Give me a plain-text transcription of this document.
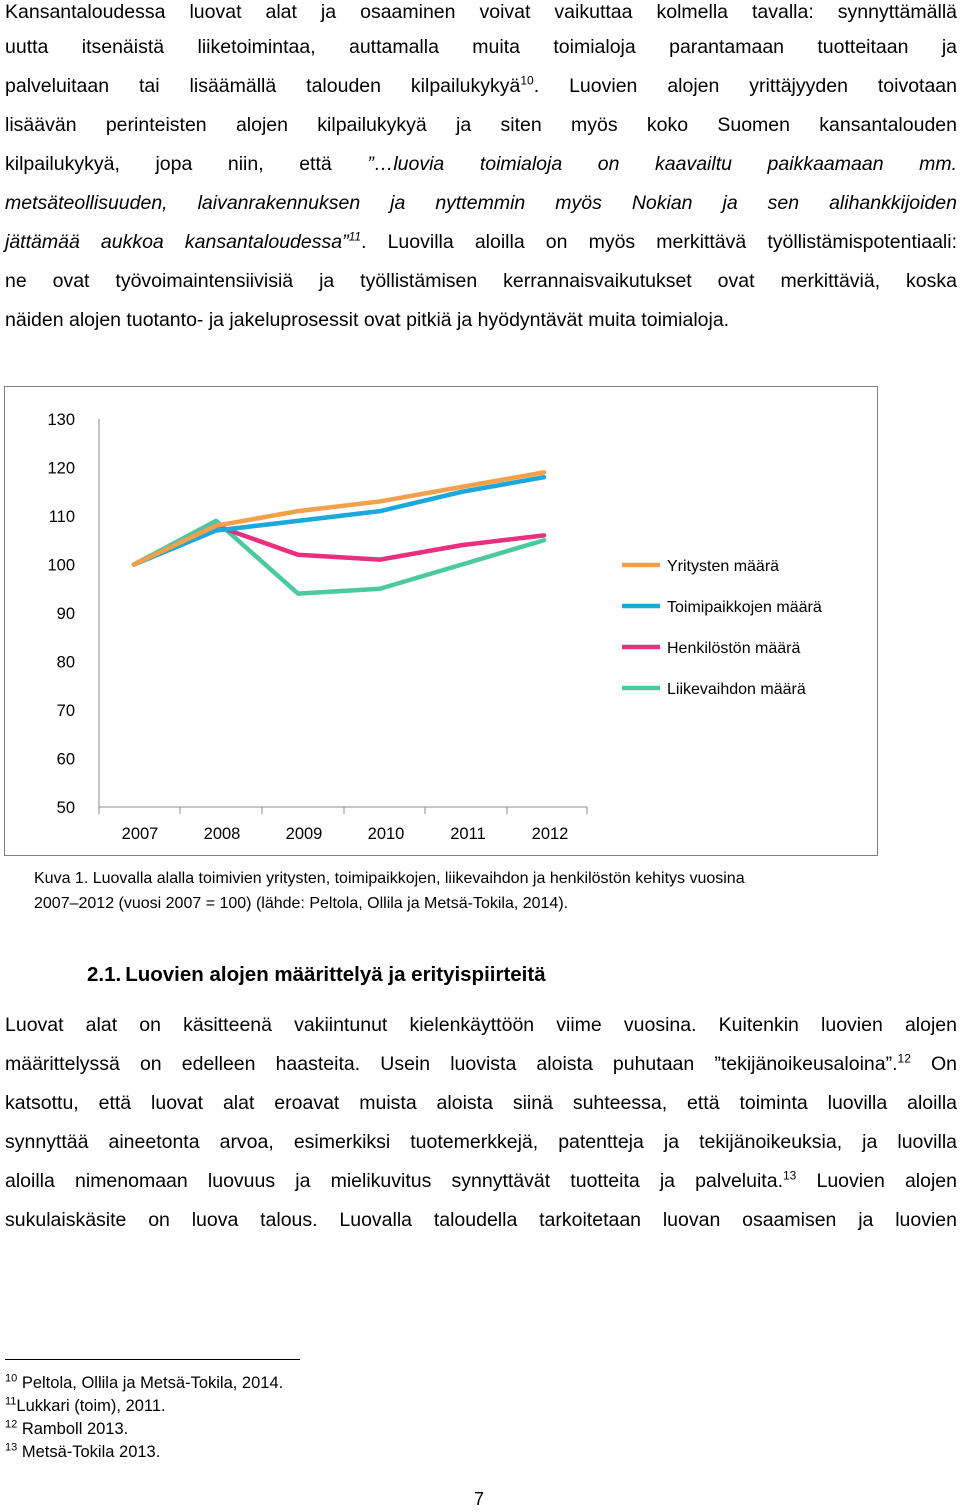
Kansantaloudessa luovat alat ja osaaminen voivat vaikuttaa kolmella tavalla: synnyttämällä
uutta itsenäistä liiketoimintaa, auttamalla muita toimialoja parantamaan tuotteitaan ja
palveluitaan tai lisäämällä talouden kilpailukykyä$^{10}$. Luovien alojen yrittäjyyden toivotaan
lisäävän perinteisten alojen kilpailukykyä ja siten myös koko Suomen kansantalouden
kilpailukykyä, jopa niin, että ”…luovia toimialoja on kaavailtu paikkaamaan mm.
metsäteollisuuden, laivanrakennuksen ja nyttemmin myös Nokian ja sen alihankkijoiden
jättämää aukkoa kansantaloudessa”$^{11}$. Luovilla aloilla on myös merkittävä työllistämispotentiaali:
ne ovat työvoimaintensiivisiä ja työllistämisen kerrannaisvaikutukset ovat merkittäviä, koska
näiden alojen tuotanto- ja jakeluprosessit ovat pitkiä ja hyödyntävät muita toimialoja.
130
120
110
100
90
80
70
60
50
2007	2008	2009	2010	2011	2012
Yritysten määrä
Toimipaikkojen määrä
Henkilöstön määrä
Liikevaihdon määrä
Kuva 1. Luovalla alalla toimivien yritysten, toimipaikkojen, liikevaihdon ja henkilöstön kehitys vuosina
2007–2012 (vuosi 2007 = 100) (lähde: Peltola, Ollila ja Metsä-Tokila, 2014).
2.1. Luovien alojen määrittelyä ja erityispiirteitä
Luovat alat on käsitteenä vakiintunut kielenkäyttöön viime vuosina. Kuitenkin luovien alojen
määrittelyssä on edelleen haasteita. Usein luovista aloista puhutaan ”tekijänoikeusaloina”.$^{12}$ On
katsottu, että luovat alat eroavat muista aloista siinä suhteessa, että toiminta luovilla aloilla
synnyttää aineetonta arvoa, esimerkiksi tuotemerkkejä, patentteja ja tekijänoikeuksia, ja luovilla
aloilla nimenomaan luovuus ja mielikuvitus synnyttävät tuotteita ja palveluita.$^{13}$ Luovien alojen
sukulaiskäsite on luova talous. Luovalla taloudella tarkoitetaan luovan osaamisen ja luovien
$^{10}$ Peltola, Ollila ja Metsä-Tokila, 2014.
$^{11}$Lukkari (toim), 2011.
$^{12}$ Ramboll 2013.
$^{13}$ Metsä-Tokila 2013.
7
